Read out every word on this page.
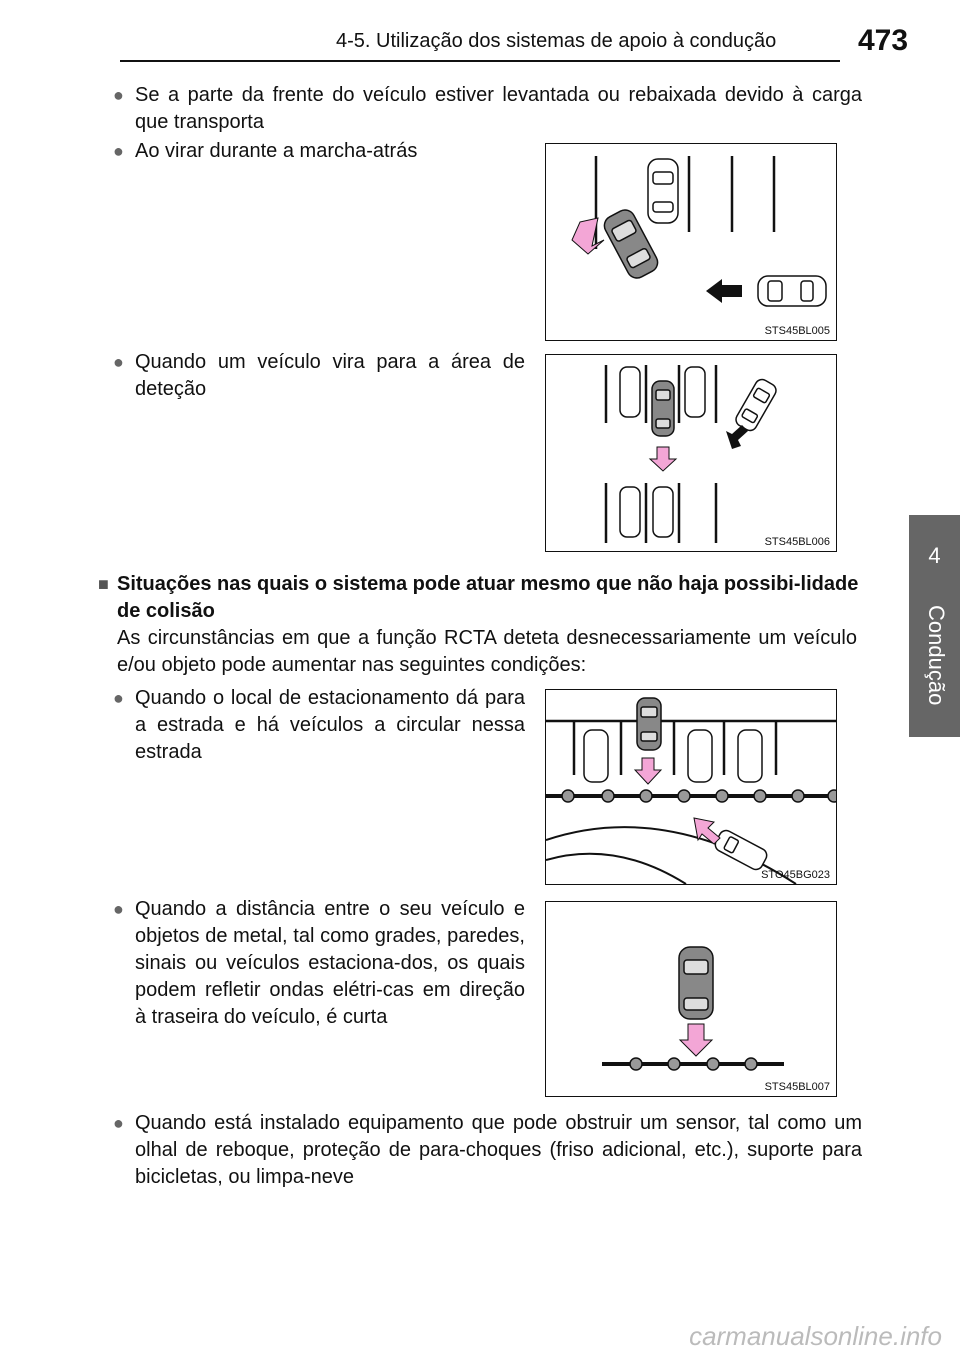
4-5. Utilização dos sistemas de apoio à condução	473
4
Condução
● Se a parte da frente do veículo estiver levantada ou rebaixada devido à carga que transporta
● Ao virar durante a marcha-atrás
STS45BL005
● Quando um veículo vira para a área de deteção
STS45BL006
■ Situações nas quais o sistema pode atuar mesmo que não haja possibi-lidade de colisão
As circunstâncias em que a função RCTA deteta desnecessariamente um veículo e/ou objeto pode aumentar nas seguintes condições:
● Quando o local de estacionamento dá para a estrada e há veículos a circular nessa estrada
STO45BG023
● Quando a distância entre o seu veículo e objetos de metal, tal como grades, paredes, sinais ou veículos estaciona-dos, os quais podem refletir ondas elétri-cas em direção à traseira do veículo, é curta
STS45BL007
● Quando está instalado equipamento que pode obstruir um sensor, tal como um olhal de reboque, proteção de para-choques (friso adicional, etc.), suporte para bicicletas, ou limpa-neve
carmanualsonline.info
